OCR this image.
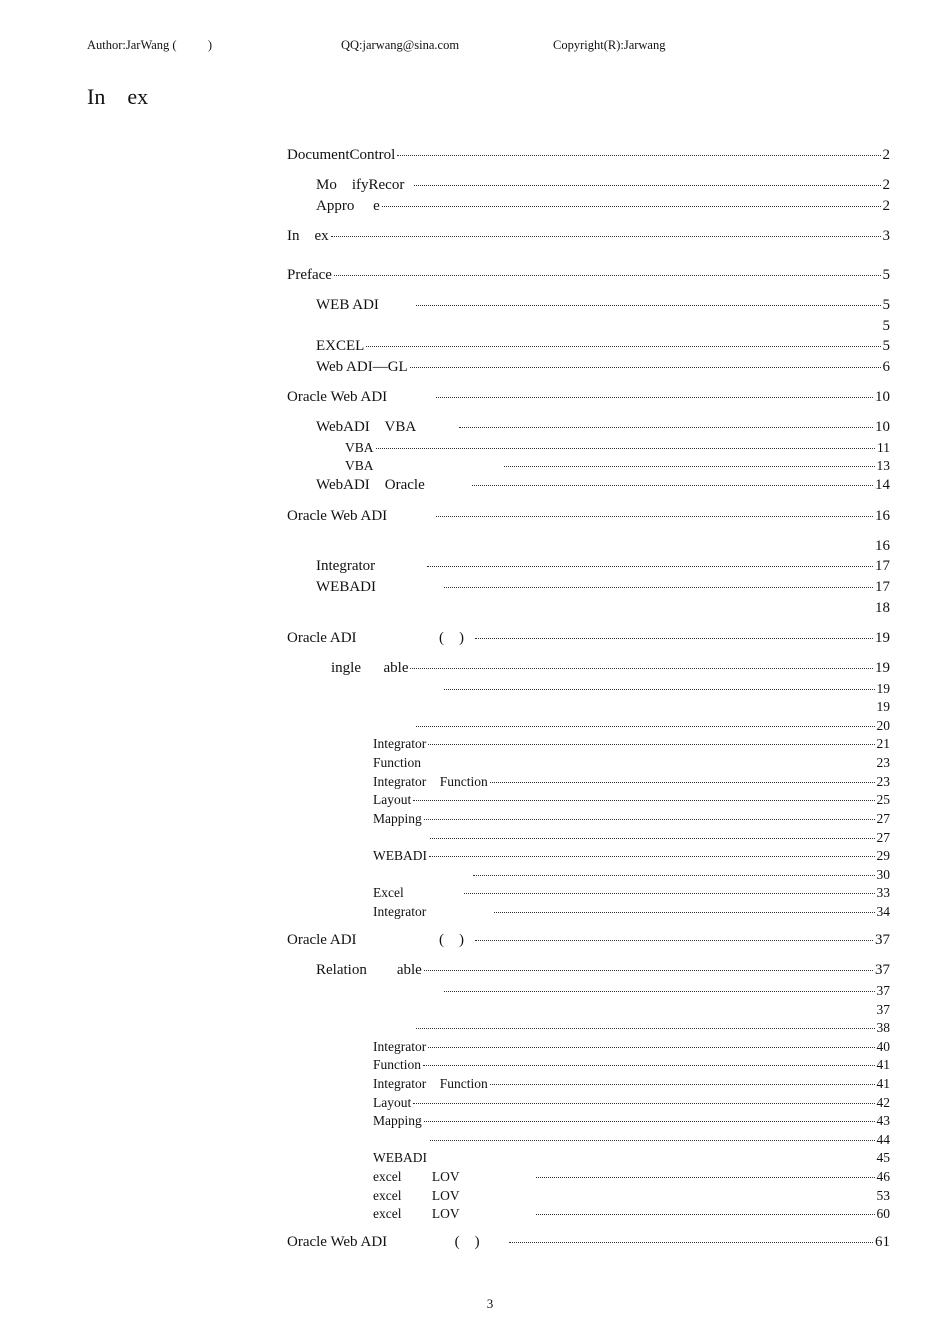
Author:JarWang (          )	QQ:jarwang@sina.com	Copyright(R):Jarwang
In    ex
DocumentControl	2
Mo    ifyRecor	2
Appro     e	2
In    ex	3
Preface	5
WEB ADI	5
5
EXCEL	5
Web ADI—GL	6
Oracle Web ADI	10
WebADI    VBA	10
VBA	11
VBA	13
WebADI    Oracle	14
Oracle Web ADI	16
16
Integrator	17
WEBADI	17
18
Oracle ADI                      (    )	19
ingle      able	19
19
19
20
Integrator	21
Function	23
Integrator    Function	23
Layout	25
Mapping	27
27
WEBADI	29
30
Excel	33
Integrator	34
Oracle ADI                      (    )	37
Relation        able	37
37
37
38
Integrator	40
Function	41
Integrator    Function	41
Layout	42
Mapping	43
44
WEBADI	45
excel         LOV	46
excel         LOV	53
excel         LOV	60
Oracle Web ADI                  (    )	61
3
